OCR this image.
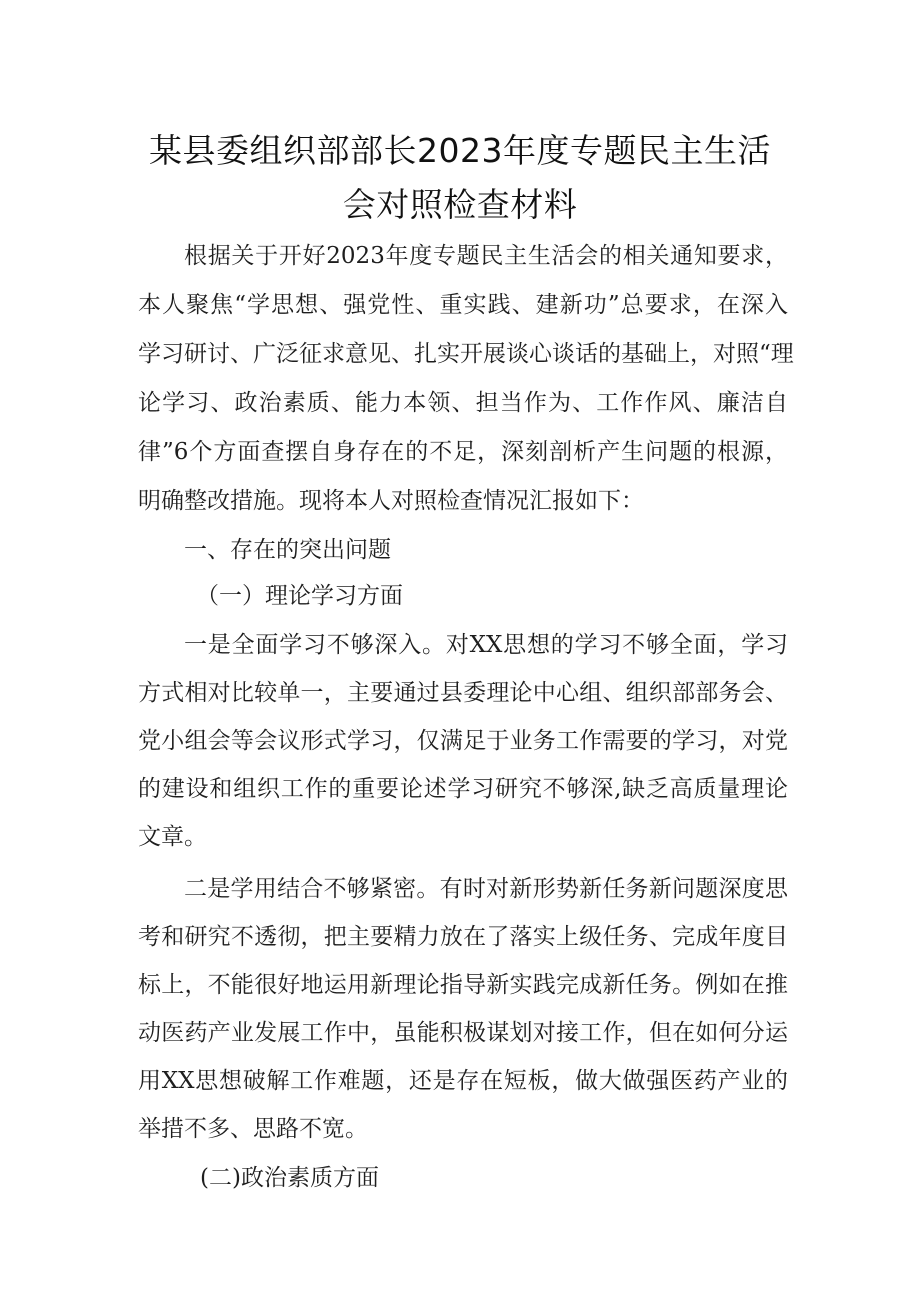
某县委组织部部长2023年度专题民主生活
会对照检查材料
根据关于开好2023年度专题民主生活会的相关通知要求，
本人聚焦“学思想、强党性、重实践、建新功”总要求，在深入
学习研讨、广泛征求意见、扎实开展谈心谈话的基础上，对照“理
论学习、政治素质、能力本领、担当作为、工作作风、廉洁自
律”6个方面查摆自身存在的不足，深刻剖析产生问题的根源，
明确整改措施。现将本人对照检查情况汇报如下：
一、存在的突出问题
（一）理论学习方面
一是全面学习不够深入。对XX思想的学习不够全面，学习
方式相对比较单一，主要通过县委理论中心组、组织部部务会、
党小组会等会议形式学习，仅满足于业务工作需要的学习，对党
的建设和组织工作的重要论述学习研究不够深,缺乏高质量理论
文章。
二是学用结合不够紧密。有时对新形势新任务新问题深度思
考和研究不透彻，把主要精力放在了落实上级任务、完成年度目
标上，不能很好地运用新理论指导新实践完成新任务。例如在推
动医药产业发展工作中，虽能积极谋划对接工作，但在如何分运
用XX思想破解工作难题，还是存在短板，做大做强医药产业的
举措不多、思路不宽。
(二)政治素质方面
